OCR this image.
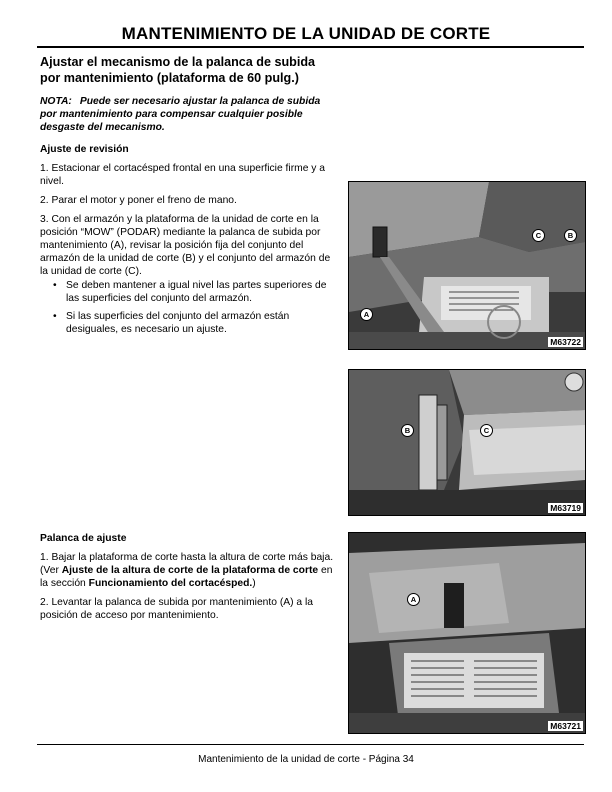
MANTENIMIENTO DE LA UNIDAD DE CORTE

Ajustar el mecanismo de la palanca de subida por mantenimiento (plataforma de 60 pulg.)

NOTA: Puede ser necesario ajustar la palanca de subida por mantenimiento para compensar cualquier posible desgaste del mecanismo.

Ajuste de revisión

1. Estacionar el cortacésped frontal en una superficie firme y a nivel.

2. Parar el motor y poner el freno de mano.

3. Con el armazón y la plataforma de la unidad de corte en la posición “MOW” (PODAR) mediante la palanca de subida por mantenimiento (A), revisar la posición fija del conjunto del armazón de la unidad de corte (B) y el conjunto del armazón de la unidad de corte (C).

• Se deben mantener a igual nivel las partes superiores de las superficies del conjunto del armazón.

• Si las superficies del conjunto del armazón están desiguales, es necesario un ajuste.

Palanca de ajuste

1. Bajar la plataforma de corte hasta la altura de corte más baja. (Ver Ajuste de la altura de corte de la plataforma de corte en la sección Funcionamiento del cortacésped.)

2. Levantar la palanca de subida por mantenimiento (A) a la posición de acceso por mantenimiento.

C	B
A
M63722
B	C
M63719
A
M63721
Mantenimiento de la unidad de corte - Página 34
